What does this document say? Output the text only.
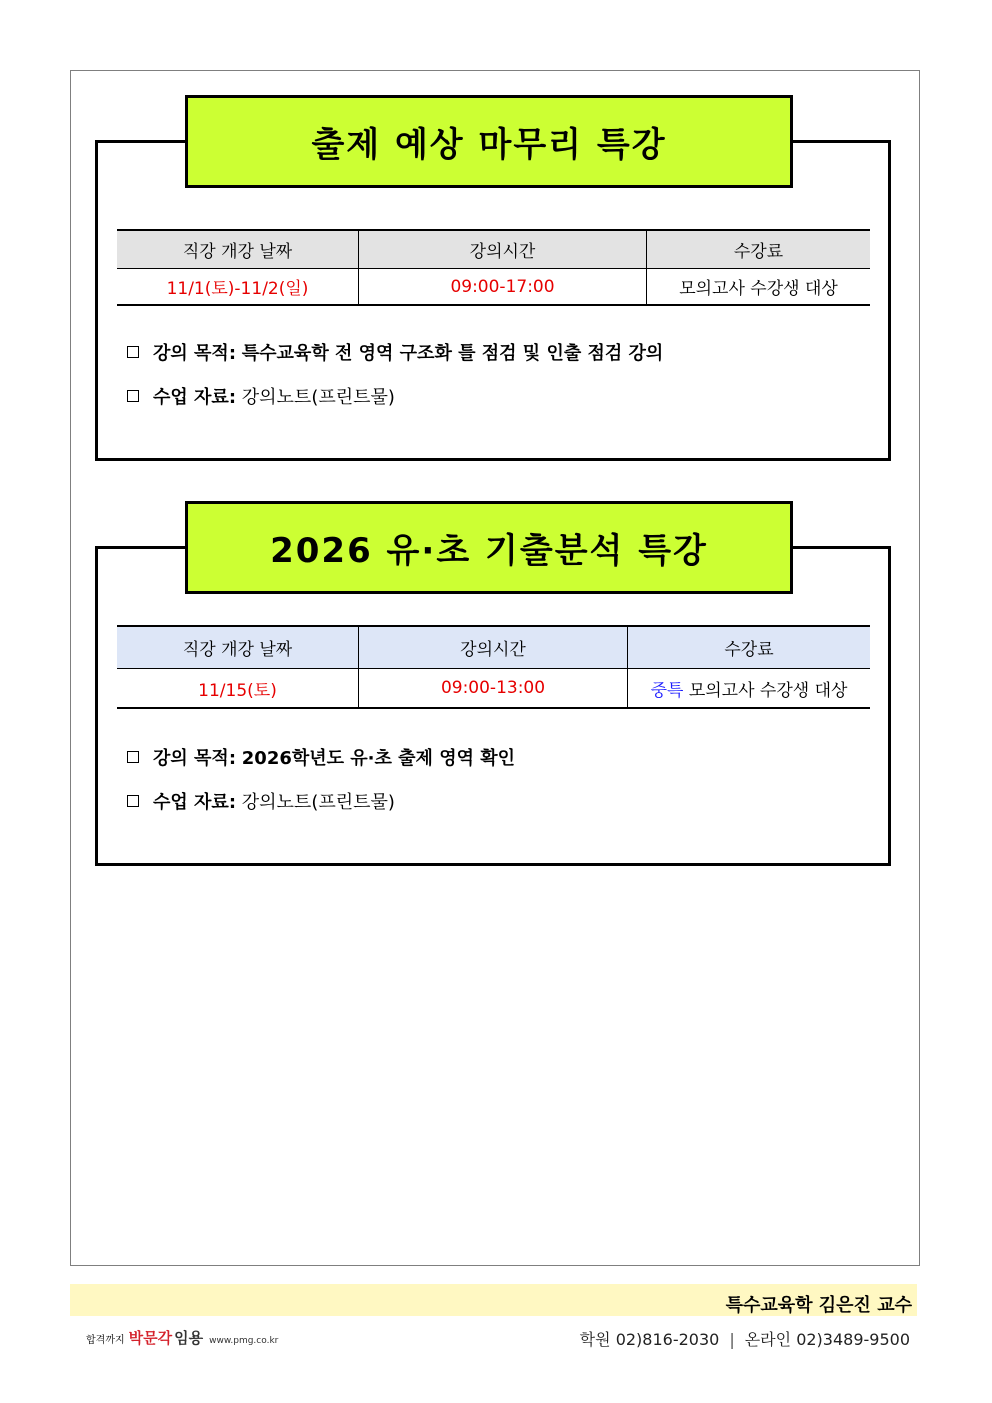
출제 예상 마무리 특강
직강 개강 날짜	강의시간	수강료
11/1(토)-11/2(일)	09:00-17:00	모의고사 수강생 대상
강의 목적: 특수교육학 전 영역 구조화 틀 점검 및 인출 점검 강의
수업 자료: 강의노트(프린트물)
2026 유·초 기출분석 특강
직강 개강 날짜	강의시간	수강료
11/15(토)	09:00-13:00	중특 모의고사 수강생 대상
강의 목적: 2026학년도 유·초 출제 영역 확인
수업 자료: 강의노트(프린트물)
특수교육학 김은진 교수
합격까지 박문각 임용 www.pmg.co.kr	학원 02)816-2030 | 온라인 02)3489-9500
